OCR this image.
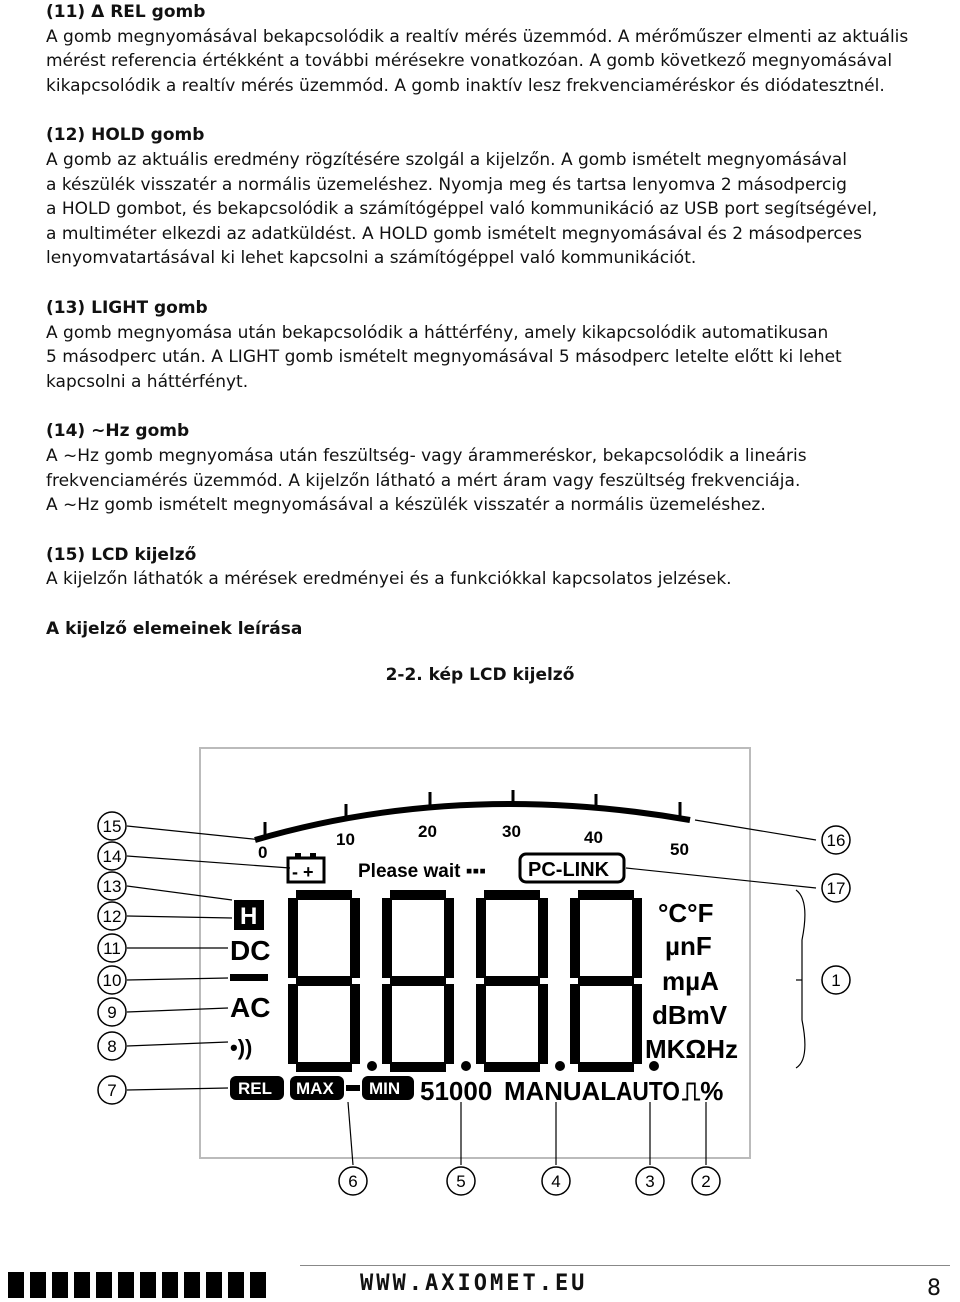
(11) Δ REL gomb
A gomb megnyomásával bekapcsolódik a realtív mérés üzemmód. A mérőműszer elmenti az aktuális
mérést referencia értékként a további mérésekre vonatkozóan. A gomb következő megnyomásával
kikapcsolódik a realtív mérés üzemmód. A gomb inaktív lesz frekvenciaméréskor és diódatesztnél.
(12) HOLD gomb
A gomb az aktuális eredmény rögzítésére szolgál a kijelzőn. A gomb ismételt megnyomásával
a készülék visszatér a normális üzemeléshez. Nyomja meg és tartsa lenyomva 2 másodpercig
a HOLD gombot, és bekapcsolódik a számítógéppel való kommunikáció az USB port segítségével,
a multiméter elkezdi az adatküldést. A HOLD gomb ismételt megnyomásával és 2 másodperces
lenyomvatartásával ki lehet kapcsolni a számítógéppel való kommunikációt.
(13) LIGHT gomb
A gomb megnyomása után bekapcsolódik a háttérfény, amely kikapcsolódik automatikusan
5 másodperc után. A LIGHT gomb ismételt megnyomásával 5 másodperc letelte előtt ki lehet
kapcsolni a háttérfényt.
(14) ~Hz gomb
A ~Hz gomb megnyomása után feszültség- vagy árammeréskor, bekapcsolódik a lineáris
frekvenciamérés üzemmód. A kijelzőn látható a mért áram vagy feszültség frekvenciája.
A ~Hz gomb ismételt megnyomásával a készülék visszatér a normális üzemeléshez.
(15) LCD kijelző
A kijelzőn láthatók a mérések eredményei és a funkciókkal kapcsolatos jelzések.
A kijelző elemeinek leírása
2-2. kép LCD kijelző
0
10	20	30	40
50
- + Please wait ▪▪▪ PC-LINK
H
DC
AC
•))
°C°F
µnF
mµA
dBmV
MKΩHz
REL MAX MIN 51000 MANUAL AUTO ⎍%
15
14
13
12
11
10
9
8
7
16
17
1
6	5	4	3	2
WWW.AXIOMET.EU	8
